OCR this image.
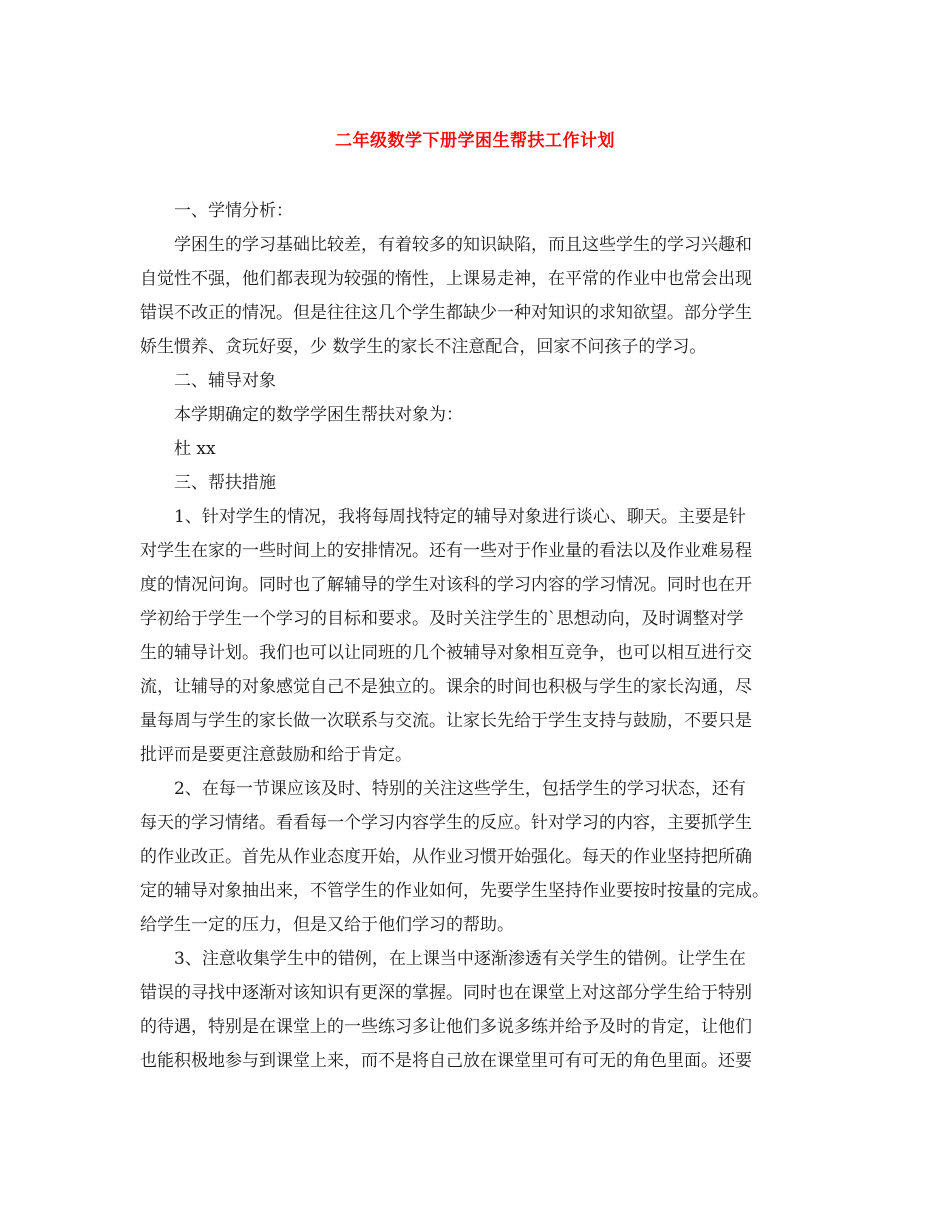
二年级数学下册学困生帮扶工作计划
一、学情分析：
学困生的学习基础比较差，有着较多的知识缺陷，而且这些学生的学习兴趣和
自觉性不强，他们都表现为较强的惰性，上课易走神，在平常的作业中也常会出现
错误不改正的情况。但是往往这几个学生都缺少一种对知识的求知欲望。部分学生
娇生惯养、贪玩好耍，少 数学生的家长不注意配合，回家不问孩子的学习。
二、辅导对象
本学期确定的数学学困生帮扶对象为：
杜 xx
三、帮扶措施
1、针对学生的情况，我将每周找特定的辅导对象进行谈心、聊天。主要是针
对学生在家的一些时间上的安排情况。还有一些对于作业量的看法以及作业难易程
度的情况问询。同时也了解辅导的学生对该科的学习内容的学习情况。同时也在开
学初给于学生一个学习的目标和要求。及时关注学生的`思想动向，及时调整对学
生的辅导计划。我们也可以让同班的几个被辅导对象相互竞争，也可以相互进行交
流，让辅导的对象感觉自己不是独立的。课余的时间也积极与学生的家长沟通，尽
量每周与学生的家长做一次联系与交流。让家长先给于学生支持与鼓励，不要只是
批评而是要更注意鼓励和给于肯定。
2、在每一节课应该及时、特别的关注这些学生，包括学生的学习状态，还有
每天的学习情绪。看看每一个学习内容学生的反应。针对学习的内容，主要抓学生
的作业改正。首先从作业态度开始，从作业习惯开始强化。每天的作业坚持把所确
定的辅导对象抽出来，不管学生的作业如何，先要学生坚持作业要按时按量的完成。
给学生一定的压力，但是又给于他们学习的帮助。
3、注意收集学生中的错例，在上课当中逐渐渗透有关学生的错例。让学生在
错误的寻找中逐渐对该知识有更深的掌握。同时也在课堂上对这部分学生给于特别
的待遇，特别是在课堂上的一些练习多让他们多说多练并给予及时的肯定，让他们
也能积极地参与到课堂上来，而不是将自己放在课堂里可有可无的角色里面。还要
